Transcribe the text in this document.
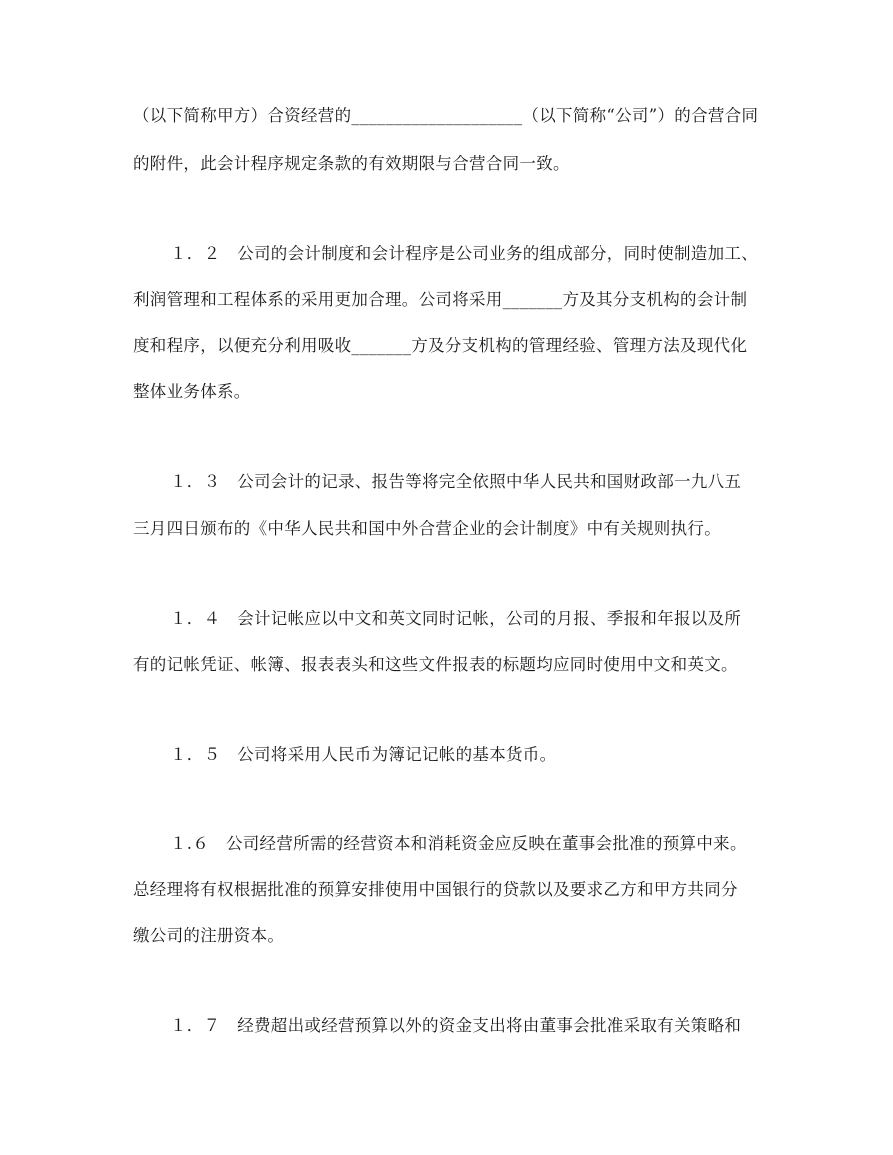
（以下简称甲方）合资经营的____________________（以下简称“公司”）的合营合同
的附件，此会计程序规定条款的有效期限与合营合同一致。
１．２　公司的会计制度和会计程序是公司业务的组成部分，同时使制造加工、
利润管理和工程体系的采用更加合理。公司将采用_______方及其分支机构的会计制
度和程序，以便充分利用吸收_______方及分支机构的管理经验、管理方法及现代化
整体业务体系。
１．３　公司会计的记录、报告等将完全依照中华人民共和国财政部一九八五
三月四日颁布的《中华人民共和国中外合营企业的会计制度》中有关规则执行。
１．４　会计记帐应以中文和英文同时记帐，公司的月报、季报和年报以及所
有的记帐凭证、帐簿、报表表头和这些文件报表的标题均应同时使用中文和英文。
１．５　公司将采用人民币为簿记记帐的基本货币。
１.６　公司经营所需的经营资本和消耗资金应反映在董事会批准的预算中来。
总经理将有权根据批准的预算安排使用中国银行的贷款以及要求乙方和甲方共同分
缴公司的注册资本。
１．７　经费超出或经营预算以外的资金支出将由董事会批准采取有关策略和
